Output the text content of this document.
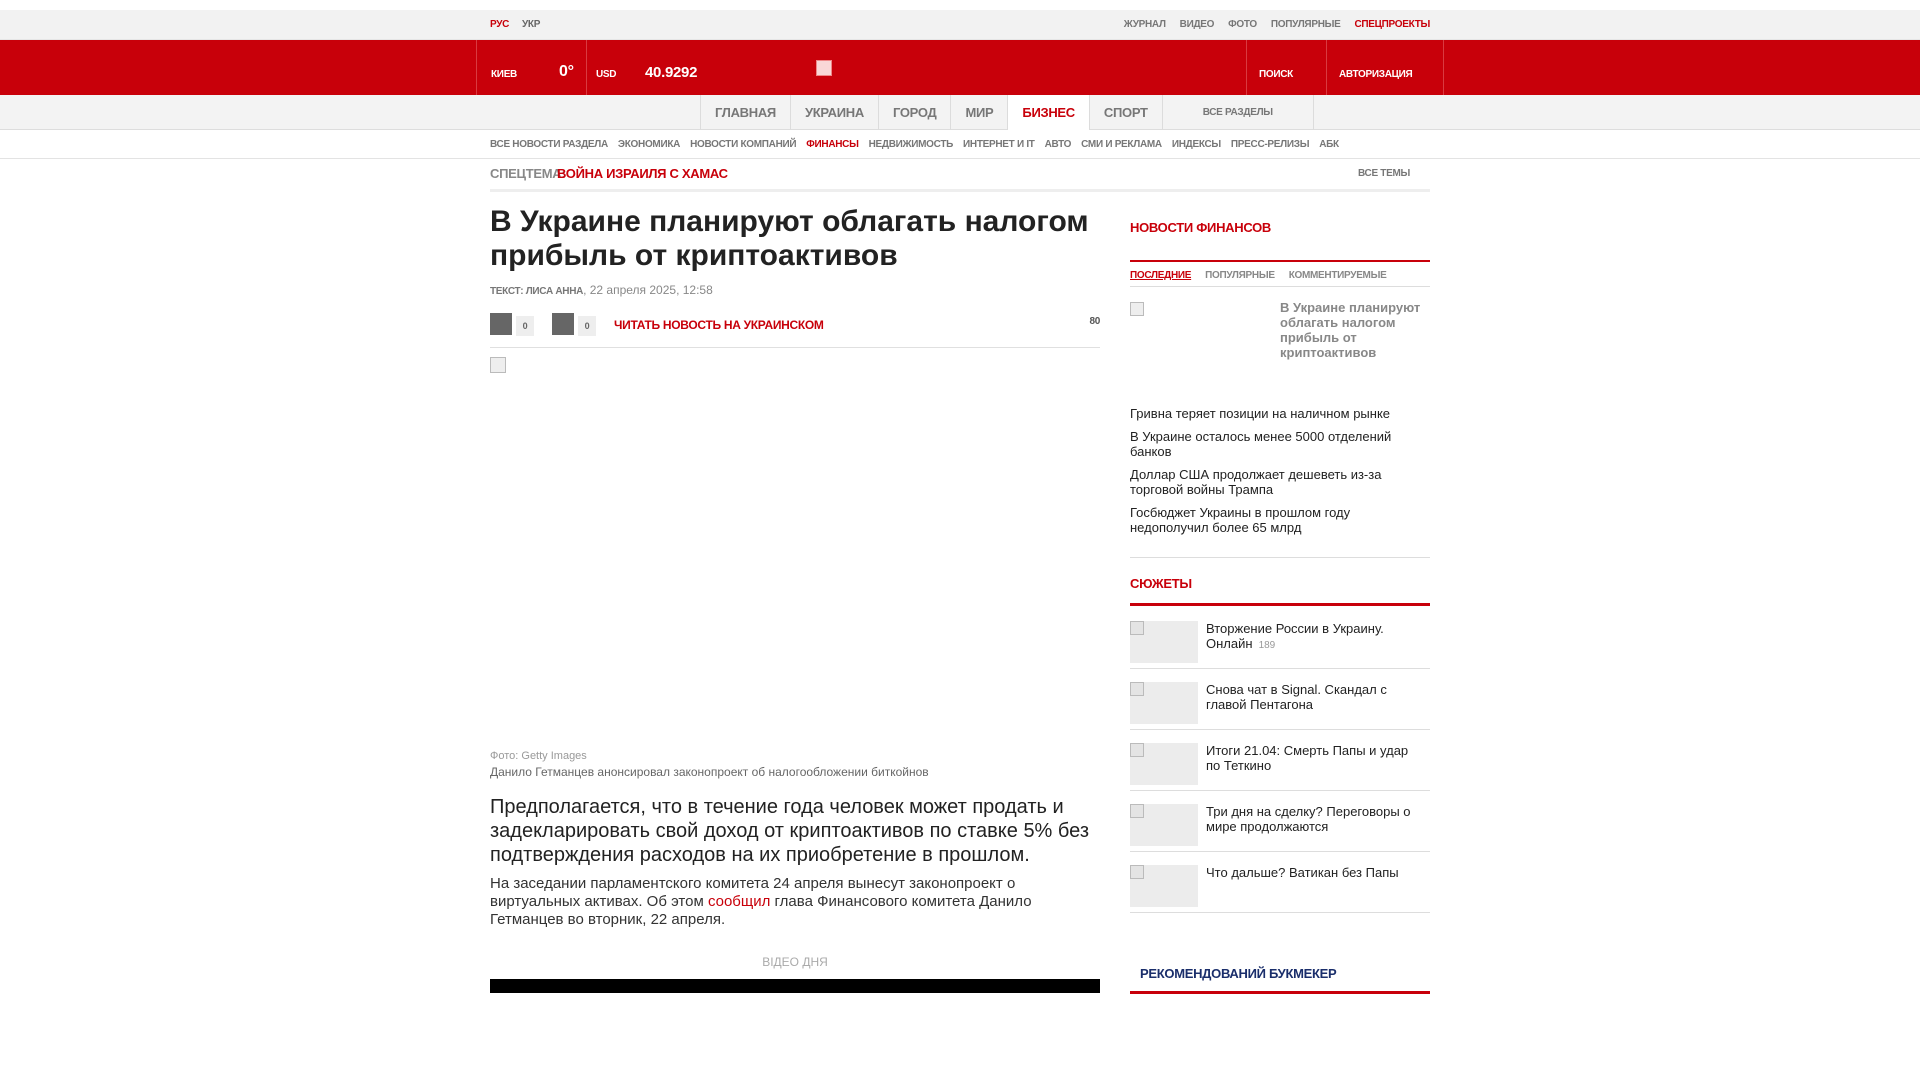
РУС УКР	ЖУРНАЛ ВИДЕО ФОТО ПОПУЛЯРНЫЕ СПЕЦПРОЕКТЫ
КИЕВ	0° USD 40.9292	ПОИСК	АВТОРИЗАЦИЯ
ГЛАВНАЯ	УКРАИНА	ГОРОД	МИР	БИЗНЕС	СПОРТ	ВСЕ РАЗДЕЛЫ
ВСЕ НОВОСТИ РАЗДЕЛА ЭКОНОМИКА НОВОСТИ КОМПАНИЙ ФИНАНСЫ НЕДВИЖИМОСТЬ ИНТЕРНЕТ И IT АВТО СМИ И РЕКЛАМА ИНДЕКСЫ ПРЕСС-РЕЛИЗЫ АБК
СПЕЦТЕМА:
ВОЙНА ИЗРАИЛЯ С ХАМАС	ВСЕ ТЕМЫ
В Украине планируют облагать налогом прибыль от криптоактивов
ТЕКСТ: ЛИСА АННА, 22 апреля 2025, 12:58
0	0	ЧИТАТЬ НОВОСТЬ НА УКРАИНСКОМ	80
Фото: Getty Images
Данило Гетманцев анонсировал законопроект об налогообложении биткойнов

Предполагается, что в течение года человек может продать и задекларировать свой доход от криптоактивов по ставке 5% без подтверждения расходов на их приобретение в прошлом.

На заседании парламентского комитета 24 апреля вынесут законопроект о виртуальных активах. Об этом сообщил глава Финансового комитета Данило Гетманцев во вторник, 22 апреля.

ВІДЕО ДНЯ
НОВОСТИ ФИНАНСОВ
ПОСЛЕДНИЕ ПОПУЛЯРНЫЕ КОММЕНТИРУЕМЫЕ
В Украине планируют облагать налогом прибыль от криптоактивов
Гривна теряет позиции на наличном рынке
В Украине осталось менее 5000 отделений банков
Доллар США продолжает дешеветь из-за торговой войны Трампа
Госбюджет Украины в прошлом году недополучил более 65 млрд
СЮЖЕТЫ
Вторжение России в Украину. Онлайн 189
Снова чат в Signal. Скандал с главой Пентагона
Итоги 21.04: Смерть Папы и удар по Теткино
Три дня на сделку? Переговоры о мире продолжаются
Что дальше? Ватикан без Папы
РЕКОМЕНДОВАНИЙ БУКМЕКЕР
